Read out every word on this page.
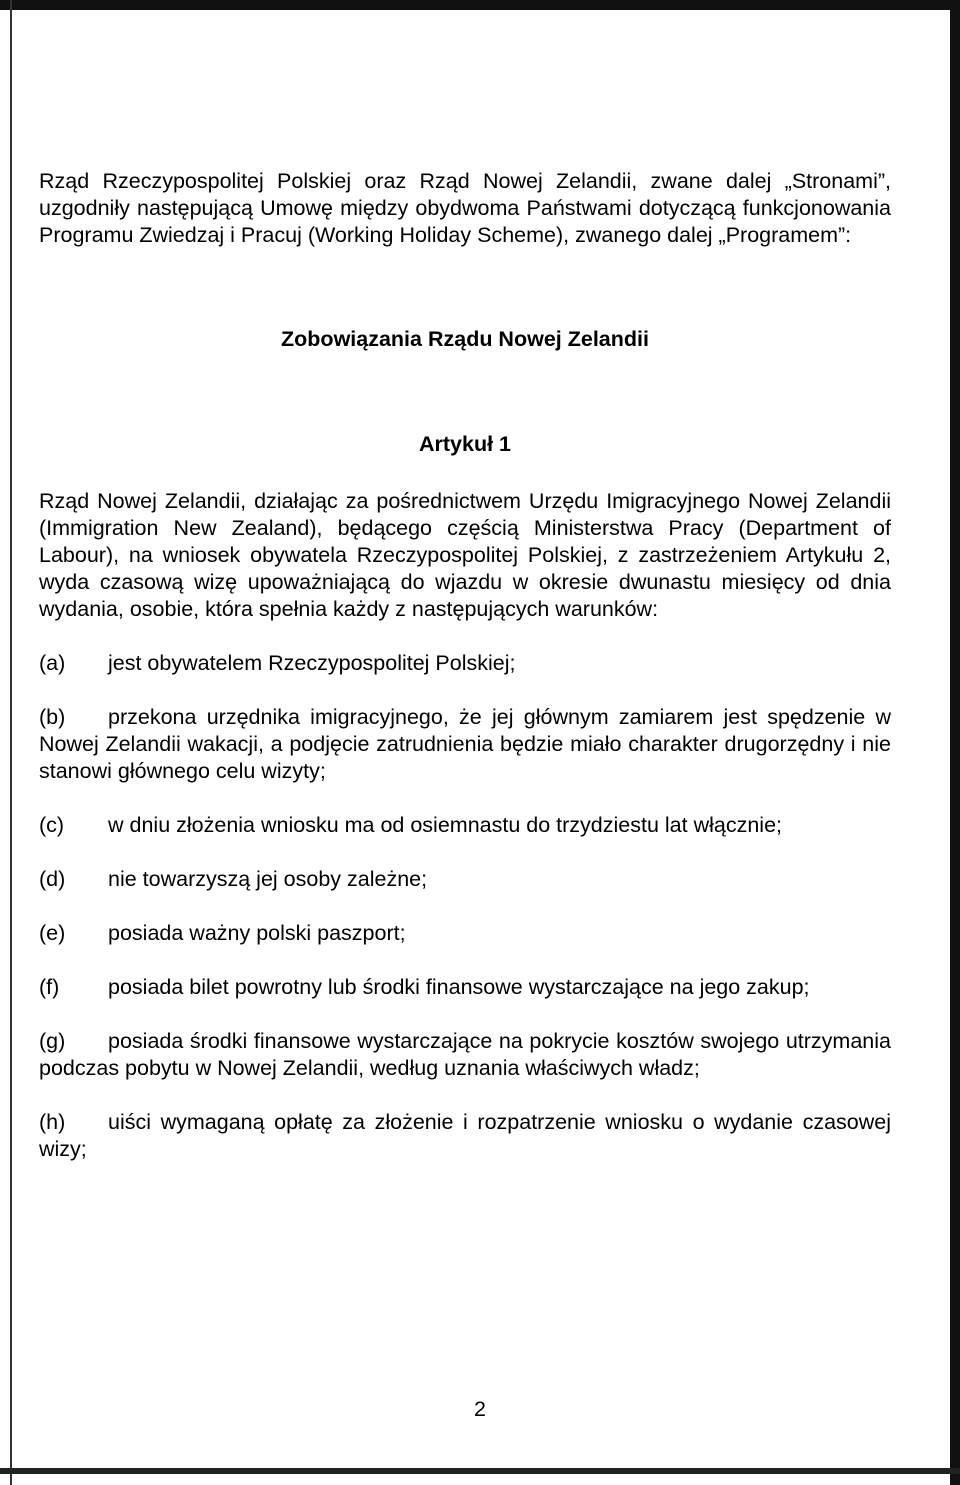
Rząd Rzeczypospolitej Polskiej oraz Rząd Nowej Zelandii, zwane dalej „Stronami”, uzgodniły następującą Umowę między obydwoma Państwami dotyczącą funkcjonowania Programu Zwiedzaj i Pracuj (Working Holiday Scheme), zwanego dalej „Programem”:

Zobowiązania Rządu Nowej Zelandii

Artykuł 1

Rząd Nowej Zelandii, działając za pośrednictwem Urzędu Imigracyjnego Nowej Zelandii (Immigration New Zealand), będącego częścią Ministerstwa Pracy (Department of Labour), na wniosek obywatela Rzeczypospolitej Polskiej, z zastrzeżeniem Artykułu 2, wyda czasową wizę upoważniającą do wjazdu w okresie dwunastu miesięcy od dnia wydania, osobie, która spełnia każdy z następujących warunków:

(a) jest obywatelem Rzeczypospolitej Polskiej;

(b) przekona urzędnika imigracyjnego, że jej głównym zamiarem jest spędzenie w Nowej Zelandii wakacji, a podjęcie zatrudnienia będzie miało charakter drugorzędny i nie stanowi głównego celu wizyty;

(c) w dniu złożenia wniosku ma od osiemnastu do trzydziestu lat włącznie;

(d) nie towarzyszą jej osoby zależne;

(e) posiada ważny polski paszport;

(f) posiada bilet powrotny lub środki finansowe wystarczające na jego zakup;

(g) posiada środki finansowe wystarczające na pokrycie kosztów swojego utrzymania podczas pobytu w Nowej Zelandii, według uznania właściwych władz;

(h) uiści wymaganą opłatę za złożenie i rozpatrzenie wniosku o wydanie czasowej wizy;

2
